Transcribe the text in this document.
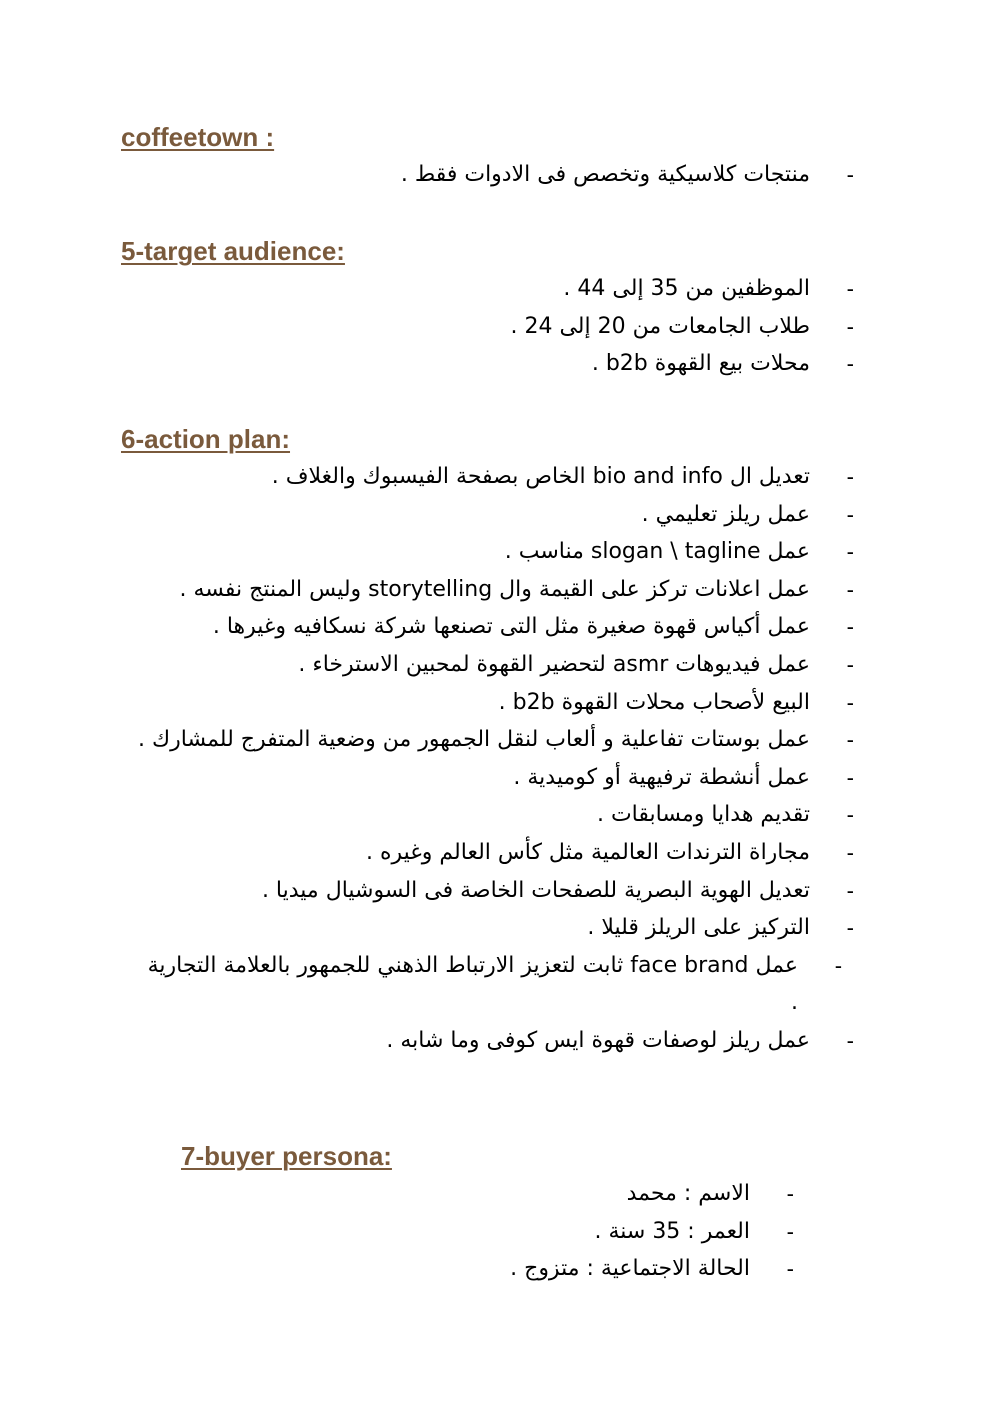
coffeetown :
-
منتجات كلاسيكية وتخصص فى الادوات فقط .
5-target audience:
-
الموظفين من 35 إلى 44 .
-
طلاب الجامعات من 20 إلى 24 .
-
محلات بيع القهوة b2b .
6-action plan:
-
تعديل ال bio and info الخاص بصفحة الفيسبوك والغلاف .
-
عمل ريلز تعليمي .
-
عمل slogan \ tagline مناسب .
-
عمل اعلانات تركز على القيمة وال storytelling وليس المنتج نفسه .
-
عمل أكياس قهوة صغيرة مثل التى تصنعها شركة نسكافيه وغيرها .
-
عمل فيديوهات asmr لتحضير القهوة لمحبين الاسترخاء .
-
البيع لأصحاب محلات القهوة b2b .
-
عمل بوستات تفاعلية و ألعاب لنقل الجمهور من وضعية المتفرج للمشارك .
-
عمل أنشطة ترفيهية أو كوميدية .
-
تقديم هدايا ومسابقات .
-
مجاراة الترندات العالمية مثل كأس العالم وغيره .
-
تعديل الهوية البصرية للصفحات الخاصة فى السوشيال ميديا .
-
التركيز على الريلز قليلا .
-
عمل face brand ثابت لتعزيز الارتباط الذهني للجمهور بالعلامة التجارية .
-
عمل ريلز لوصفات قهوة ايس كوفى وما شابه .
7-buyer persona:
-
الاسم : محمد
-
العمر : 35 سنة .
-
الحالة الاجتماعية : متزوج .
